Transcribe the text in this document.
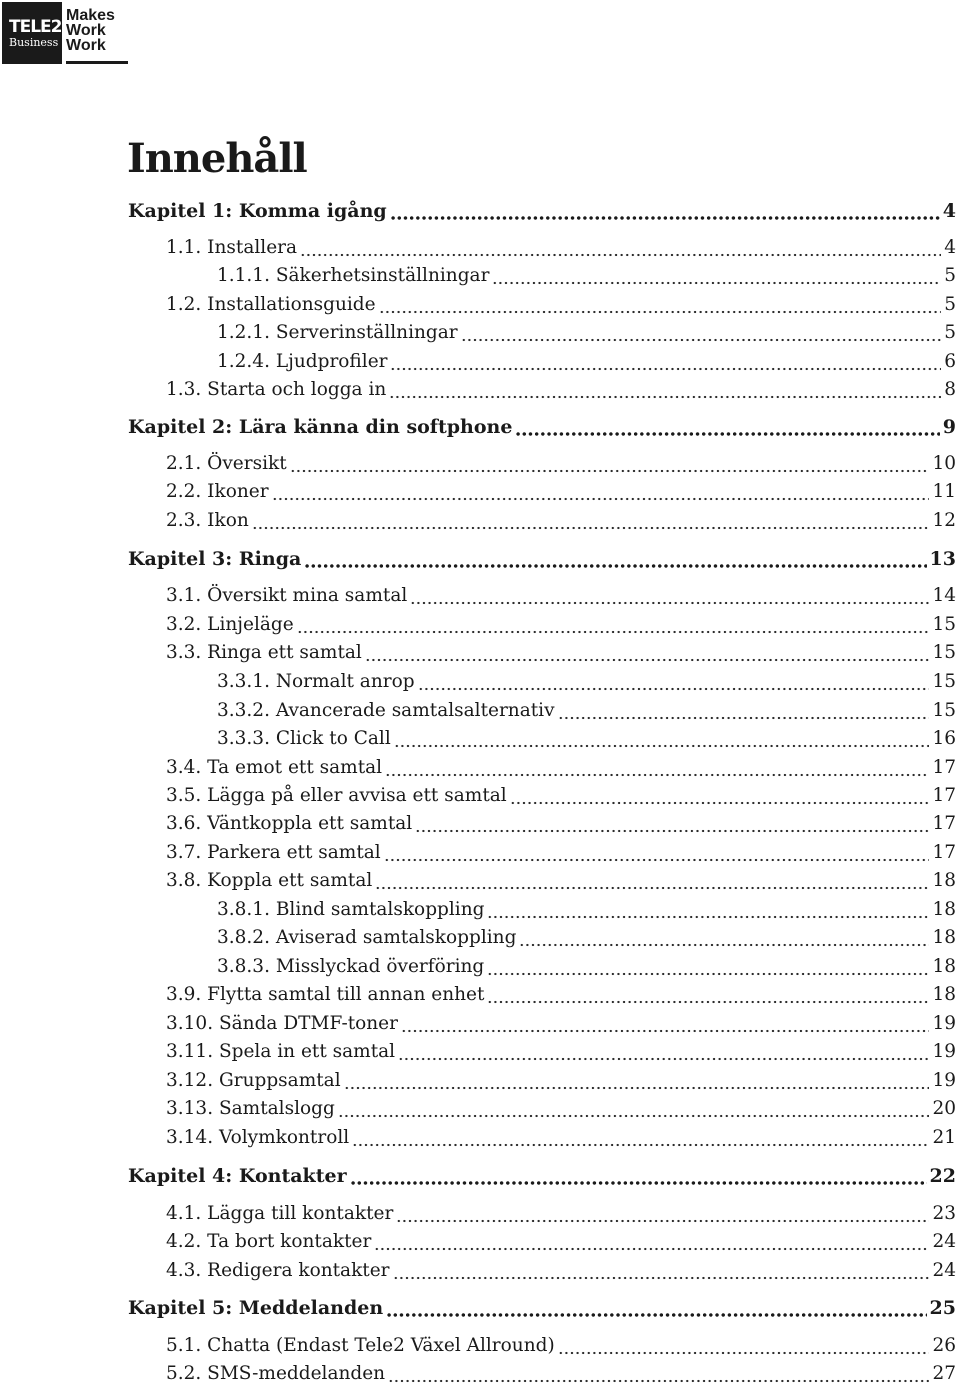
TELE2
Business
Makes
Work
Work
Innehåll
Kapitel 1: Komma igång	4
1.1. Installera	4
1.1.1. Säkerhetsinställningar	5
1.2. Installationsguide	5
1.2.1. Serverinställningar	5
1.2.4. Ljudprofiler	6
1.3. Starta och logga in	8
Kapitel 2: Lära känna din softphone	9
2.1. Översikt	10
2.2. Ikoner	11
2.3. Ikon	12
Kapitel 3: Ringa	13
3.1. Översikt mina samtal	14
3.2. Linjeläge	15
3.3. Ringa ett samtal	15
3.3.1. Normalt anrop	15
3.3.2. Avancerade samtalsalternativ	15
3.3.3. Click to Call	16
3.4. Ta emot ett samtal	17
3.5. Lägga på eller avvisa ett samtal	17
3.6. Väntkoppla ett samtal	17
3.7. Parkera ett samtal	17
3.8. Koppla ett samtal	18
3.8.1. Blind samtalskoppling	18
3.8.2. Aviserad samtalskoppling	18
3.8.3. Misslyckad överföring	18
3.9. Flytta samtal till annan enhet	18
3.10. Sända DTMF-toner	19
3.11. Spela in ett samtal	19
3.12. Gruppsamtal	19
3.13. Samtalslogg	20
3.14. Volymkontroll	21
Kapitel 4: Kontakter	22
4.1. Lägga till kontakter	23
4.2. Ta bort kontakter	24
4.3. Redigera kontakter	24
Kapitel 5: Meddelanden	25
5.1. Chatta (Endast Tele2 Växel Allround)	26
5.2. SMS-meddelanden	27
